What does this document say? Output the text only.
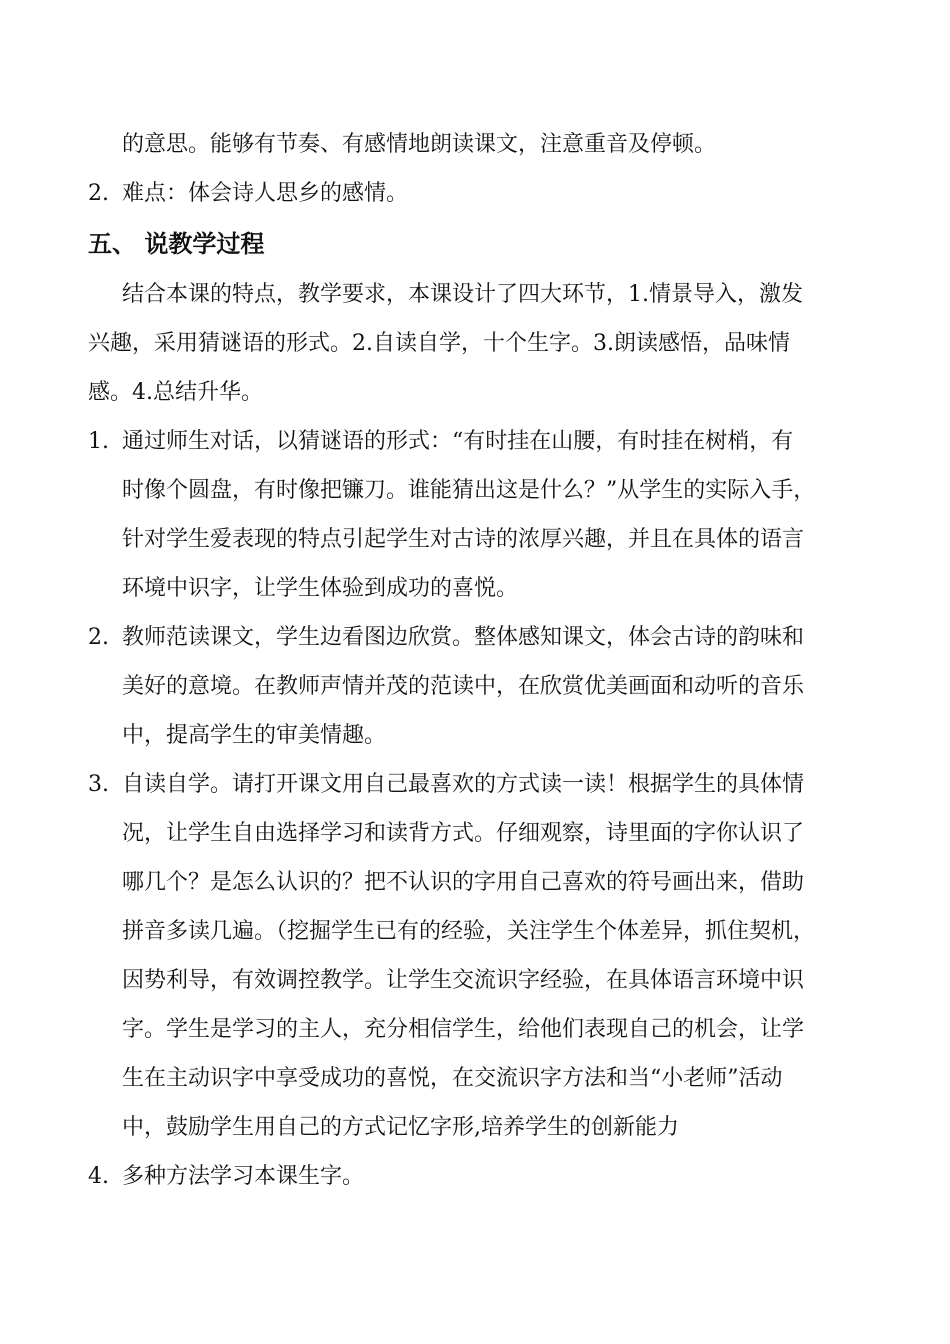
的意思。能够有节奏、有感情地朗读课文，注意重音及停顿。
2. 难点：体会诗人思乡的感情。
五、 说教学过程
结合本课的特点，教学要求，本课设计了四大环节，1.情景导入，激发
兴趣，采用猜谜语的形式。2.自读自学，十个生字。3.朗读感悟，品味情
感。4.总结升华。
1. 通过师生对话，以猜谜语的形式：“有时挂在山腰，有时挂在树梢，有
时像个圆盘，有时像把镰刀。谁能猜出这是什么？”从学生的实际入手，
针对学生爱表现的特点引起学生对古诗的浓厚兴趣，并且在具体的语言
环境中识字，让学生体验到成功的喜悦。
2. 教师范读课文，学生边看图边欣赏。整体感知课文，体会古诗的韵味和
美好的意境。在教师声情并茂的范读中，在欣赏优美画面和动听的音乐
中，提高学生的审美情趣。
3. 自读自学。请打开课文用自己最喜欢的方式读一读！根据学生的具体情
况，让学生自由选择学习和读背方式。仔细观察，诗里面的字你认识了
哪几个？是怎么认识的？把不认识的字用自己喜欢的符号画出来，借助
拼音多读几遍。（挖掘学生已有的经验，关注学生个体差异，抓住契机，
因势利导，有效调控教学。让学生交流识字经验，在具体语言环境中识
字。学生是学习的主人，充分相信学生，给他们表现自己的机会，让学
生在主动识字中享受成功的喜悦，在交流识字方法和当“小老师”活动
中，鼓励学生用自己的方式记忆字形,培养学生的创新能力
4. 多种方法学习本课生字。
